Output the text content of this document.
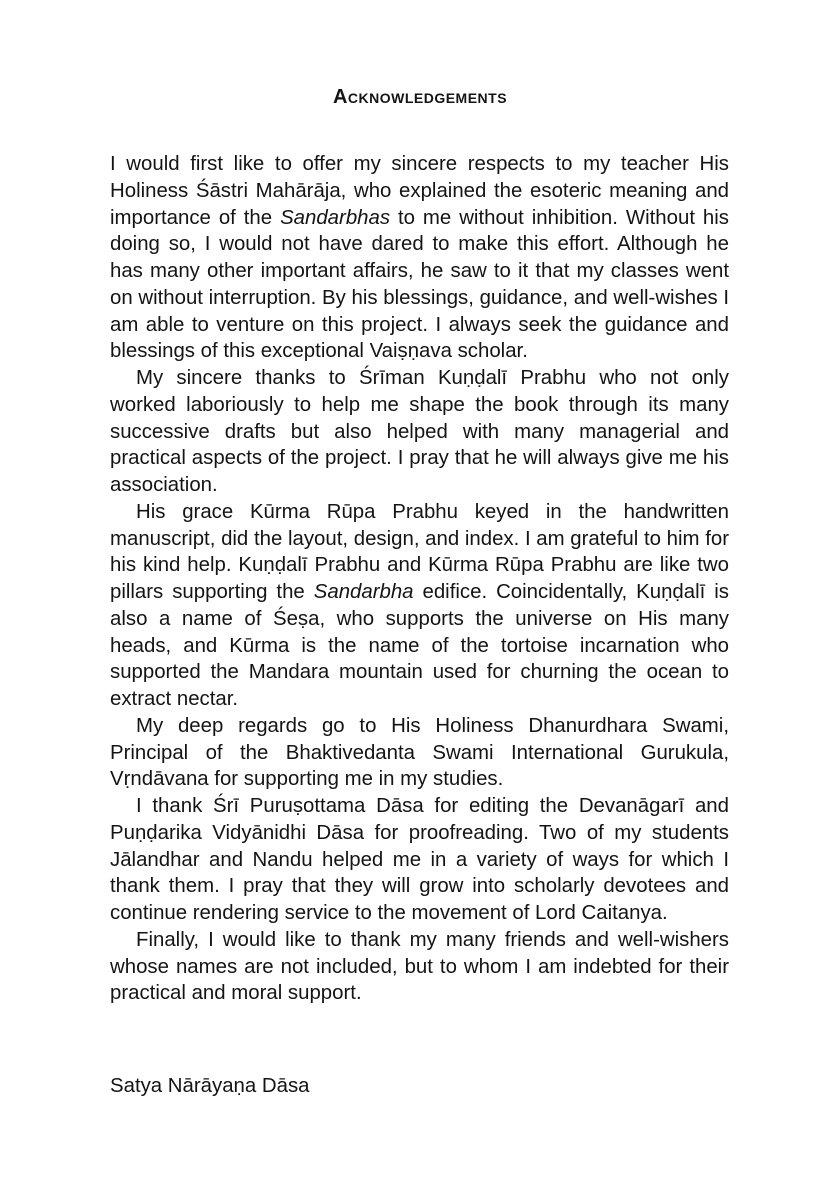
Acknowledgements

I would first like to offer my sincere respects to my teacher His Holiness Śāstri Mahārāja, who explained the esoteric meaning and importance of the Sandarbhas to me without inhibition. Without his doing so, I would not have dared to make this effort. Although he has many other important affairs, he saw to it that my classes went on without interruption. By his blessings, guidance, and well-wishes I am able to venture on this project. I always seek the guidance and blessings of this exceptional Vaiṣṇava scholar.

My sincere thanks to Śrīman Kuṇḍalī Prabhu who not only worked laboriously to help me shape the book through its many successive drafts but also helped with many managerial and practical aspects of the project. I pray that he will always give me his association.

His grace Kūrma Rūpa Prabhu keyed in the handwritten manuscript, did the layout, design, and index. I am grateful to him for his kind help. Kuṇḍalī Prabhu and Kūrma Rūpa Prabhu are like two pillars supporting the Sandarbha edifice. Coincidentally, Kuṇḍalī is also a name of Śeṣa, who supports the universe on His many heads, and Kūrma is the name of the tortoise incarnation who supported the Mandara mountain used for churning the ocean to extract nectar.

My deep regards go to His Holiness Dhanurdhara Swami, Principal of the Bhaktivedanta Swami International Gurukula, Vṛndāvana for supporting me in my studies.

I thank Śrī Puruṣottama Dāsa for editing the Devanāgarī and Puṇḍarika Vidyānidhi Dāsa for proofreading. Two of my students Jālandhar and Nandu helped me in a variety of ways for which I thank them. I pray that they will grow into scholarly devotees and continue rendering service to the movement of Lord Caitanya.

Finally, I would like to thank my many friends and well-wishers whose names are not included, but to whom I am indebted for their practical and moral support.

Satya Nārāyaṇa Dāsa
